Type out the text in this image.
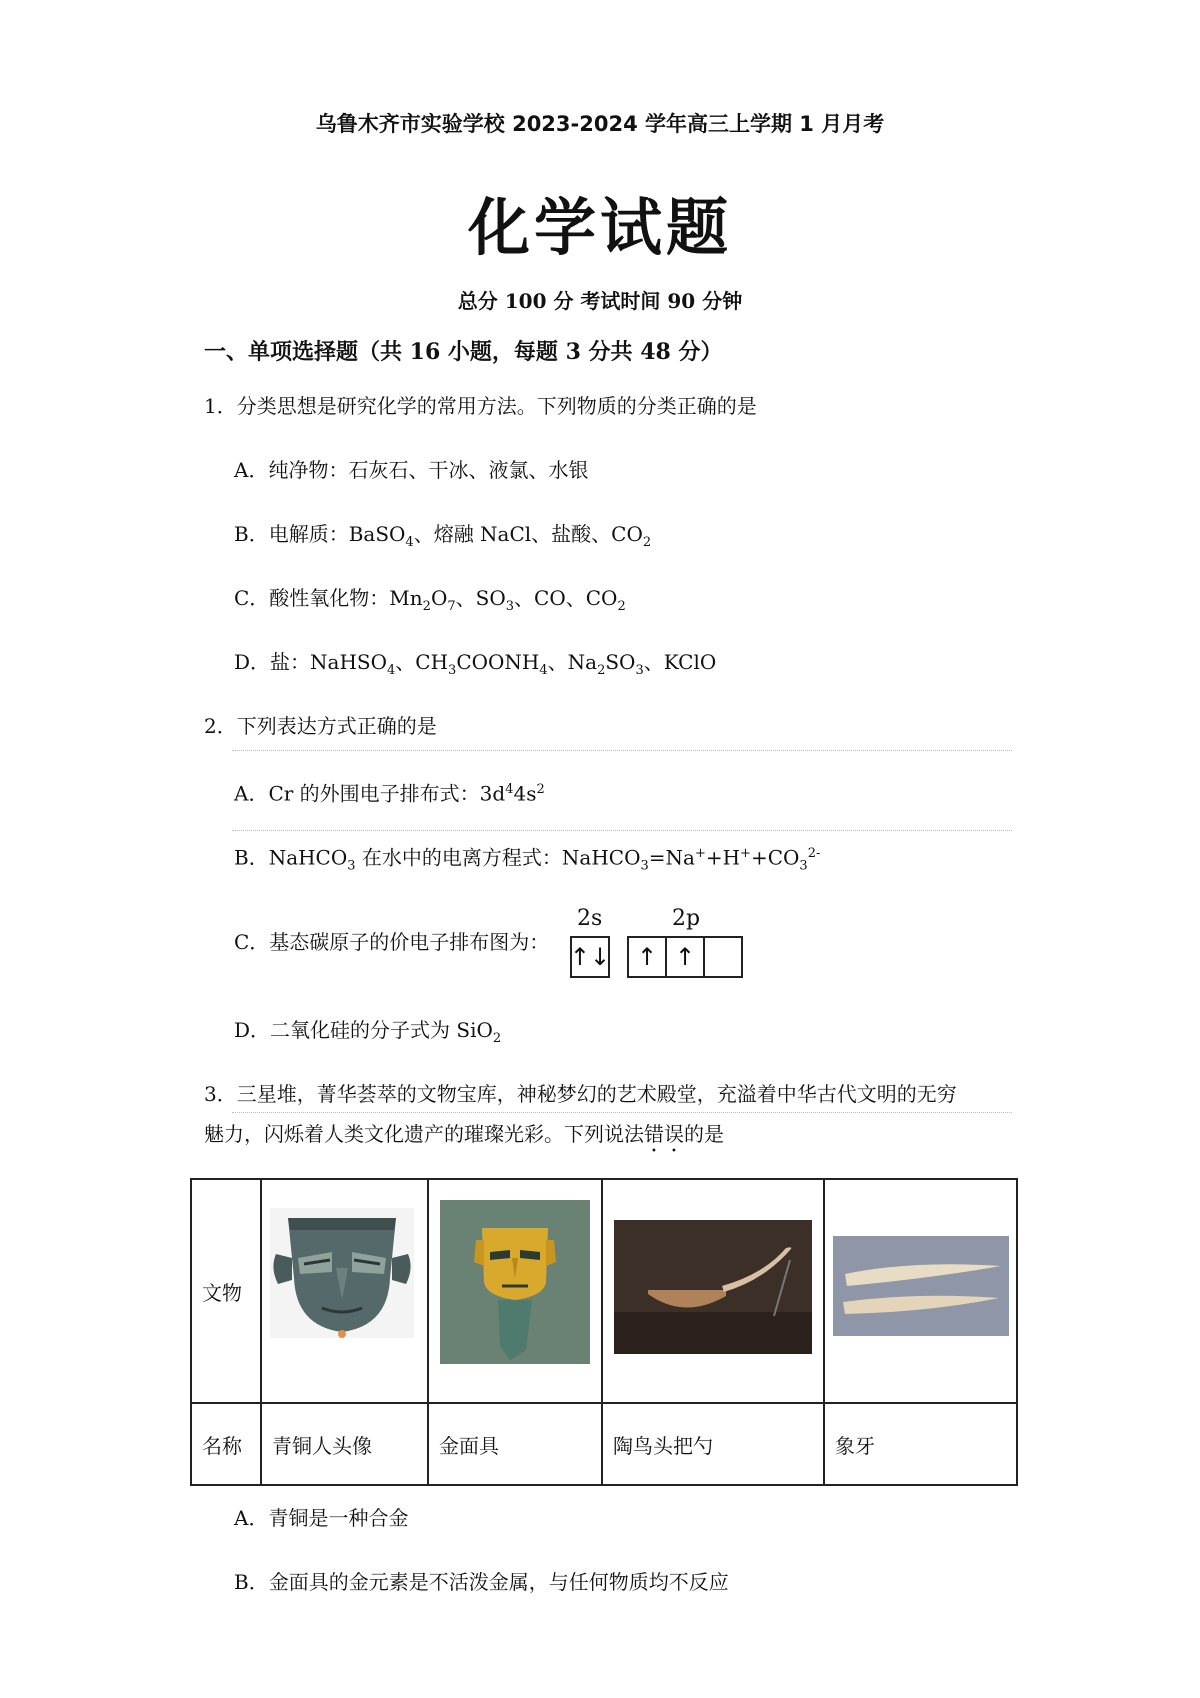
乌鲁木齐市实验学校 2023-2024 学年高三上学期 1 月月考
化学试题
总分 100 分 考试时间 90 分钟
一、单项选择题（共 16 小题，每题 3 分共 48 分）
1．分类思想是研究化学的常用方法。下列物质的分类正确的是
A．纯净物：石灰石、干冰、液氯、水银
B．电解质：BaSO$_4$、熔融 NaCl、盐酸、$CO_2$
C．酸性氧化物：$Mn_2O_7$、$SO_3$、CO、$CO_2$
D．盐：NaHSO$_4$、$CH_3COONH_4$、$Na_2SO_3$、KClO
2．下列表达方式正确的是
A．Cr 的外围电子排布式：$3d^44s^2$
B．NaHCO$_3$ 在水中的电离方程式：$NaHCO_3=Na^++H^++CO_3^{2-}$
C．基态碳原子的价电子排布图为：
2s	2p
↑↓	↑ ↑
D．二氧化硅的分子式为 SiO$_2$
3．三星堆，菁华荟萃的文物宝库，神秘梦幻的艺术殿堂，充溢着中华古代文明的无穷
魅力，闪烁着人类文化遗产的璀璨光彩。下列说法错误的是
文物				
名称	青铜人头像	金面具	陶鸟头把勺	象牙
A．青铜是一种合金
B．金面具的金元素是不活泼金属，与任何物质均不反应
